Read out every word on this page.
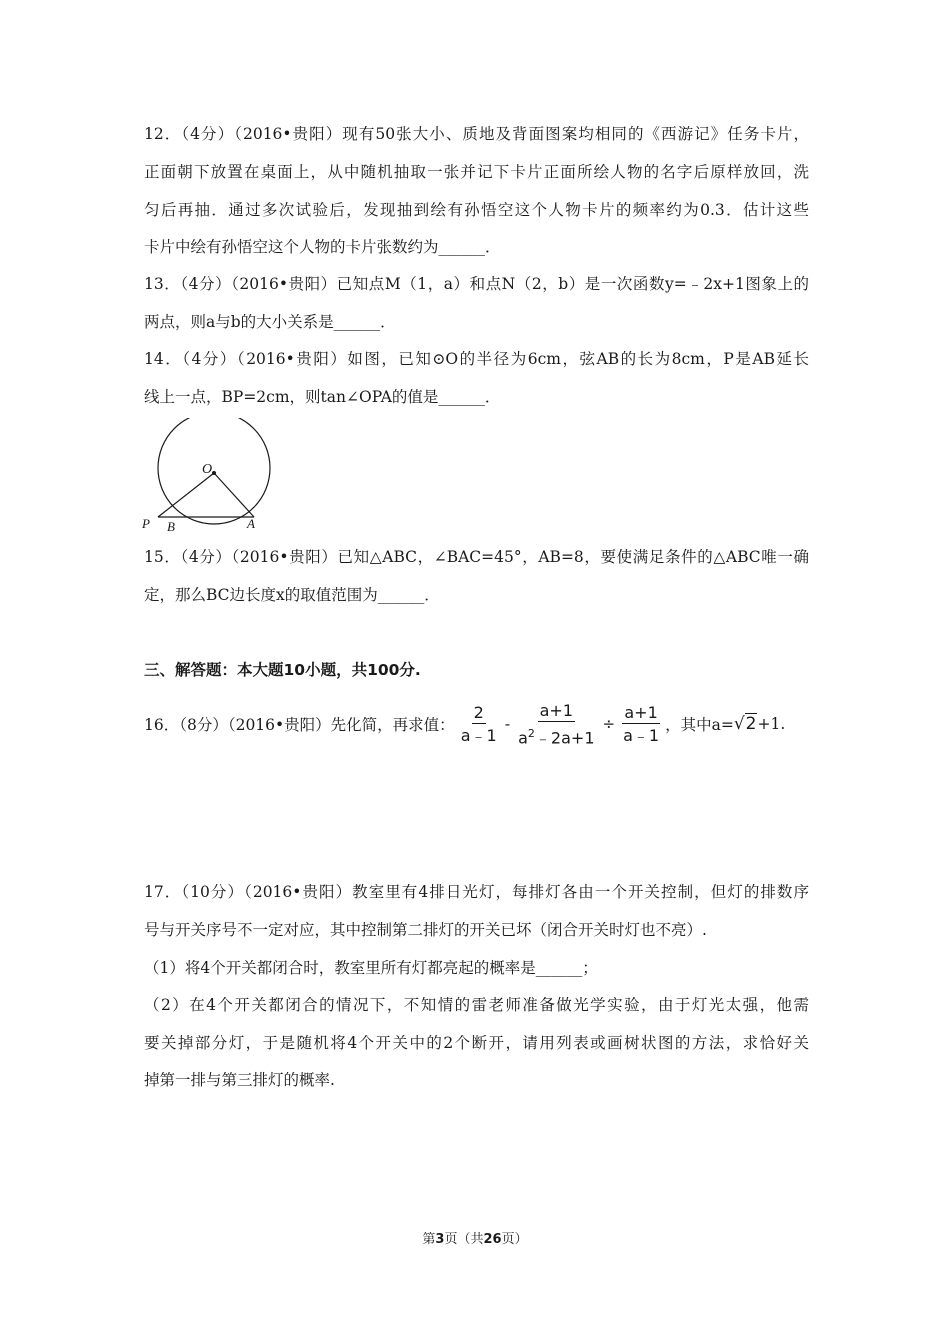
12．（4分）（2016•贵阳）现有50张大小、质地及背面图案均相同的《西游记》任务卡片，
正面朝下放置在桌面上，从中随机抽取一张并记下卡片正面所绘人物的名字后原样放回，洗
匀后再抽．通过多次试验后，发现抽到绘有孙悟空这个人物卡片的频率约为0.3．估计这些
卡片中绘有孙悟空这个人物的卡片张数约为______．
13．（4分）（2016•贵阳）已知点M（1，a）和点N（2，b）是一次函数y=﹣2x+1图象上的
两点，则a与b的大小关系是______．
14．（4分）（2016•贵阳）如图，已知⊙O的半径为6cm，弦AB的长为8cm，P是AB延长
线上一点，BP=2cm，则tan∠OPA的值是______．
O
P B	A
15．（4分）（2016•贵阳）已知△ABC，∠BAC=45°，AB=8，要使满足条件的△ABC唯一确
定，那么BC边长度x的取值范围为______．
三、解答题：本大题10小题，共100分.
16．（8分）（2016•贵阳）先化简，再求值： $\frac{2}{a﹣1} - \frac{a+1}{a^2﹣2a+1} \div \frac{a+1}{a﹣1}$ ，其中a= √2 +1.
17．（10分）（2016•贵阳）教室里有4排日光灯，每排灯各由一个开关控制，但灯的排数序
号与开关序号不一定对应，其中控制第二排灯的开关已坏（闭合开关时灯也不亮）.
（1）将4个开关都闭合时，教室里所有灯都亮起的概率是______；
（2）在4个开关都闭合的情况下，不知情的雷老师准备做光学实验，由于灯光太强，他需
要关掉部分灯，于是随机将4个开关中的2个断开，请用列表或画树状图的方法，求恰好关
掉第一排与第三排灯的概率.
第3页（共26页）
